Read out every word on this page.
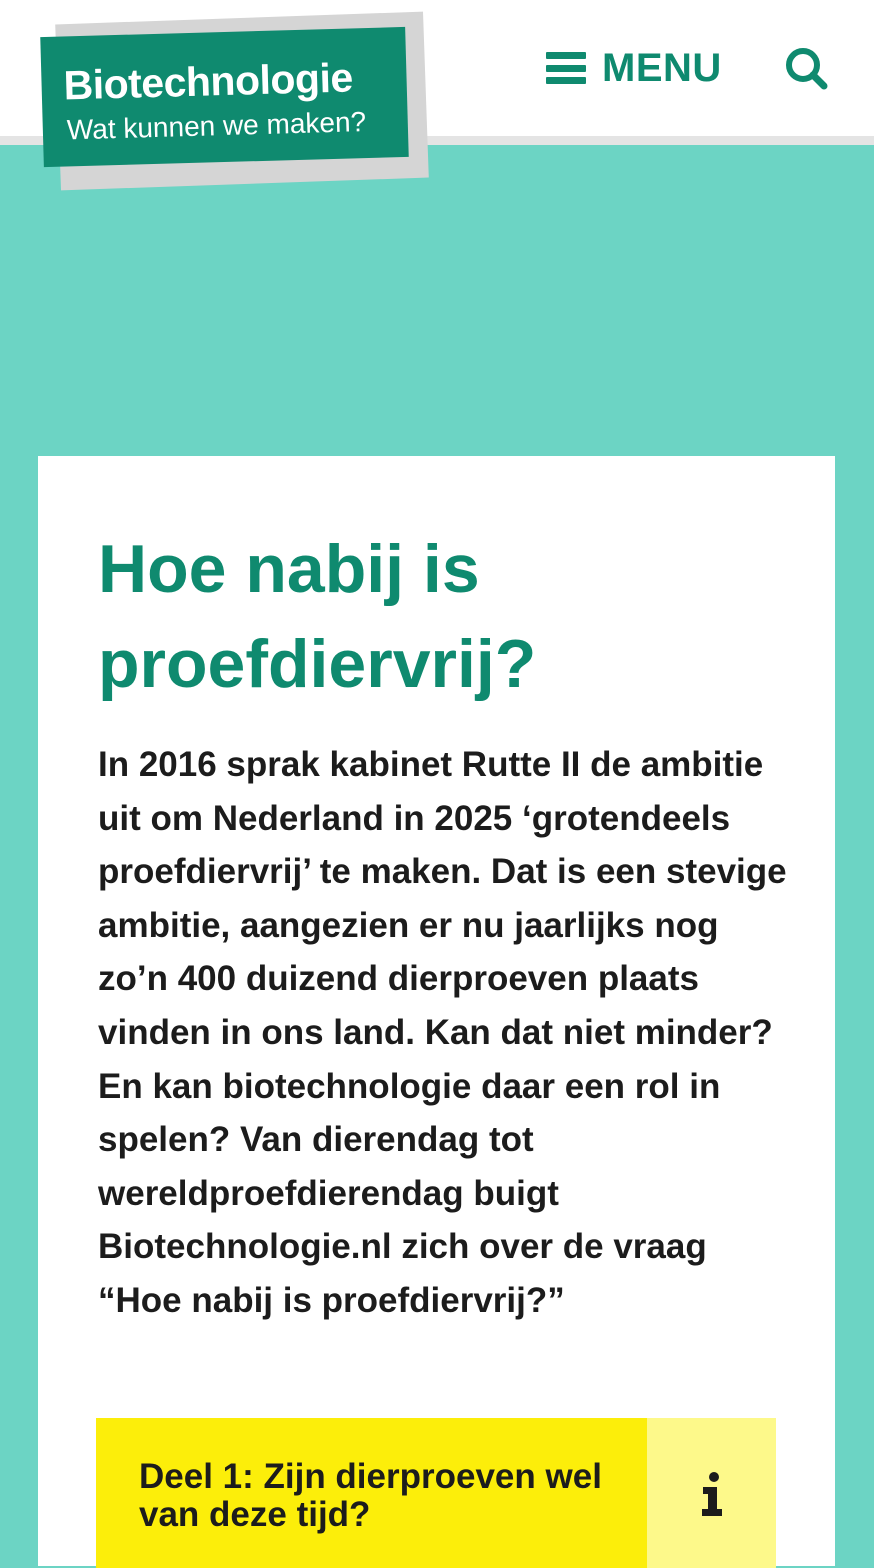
Biotechnologie
Wat kunnen we maken?
MENU
Hoe nabij is proefdiervrij?

In 2016 sprak kabinet Rutte II de ambitie uit om Nederland in 2025 ‘grotendeels proefdiervrij’ te maken. Dat is een stevige ambitie, aangezien er nu jaarlijks nog zo’n 400 duizend dierproeven plaats vinden in ons land. Kan dat niet minder? En kan biotechnologie daar een rol in spelen? Van dierendag tot wereldproefdierendag buigt Biotechnologie.nl zich over de vraag “Hoe nabij is proefdiervrij?”

Deel 1: Zijn dierproeven wel van deze tijd?
